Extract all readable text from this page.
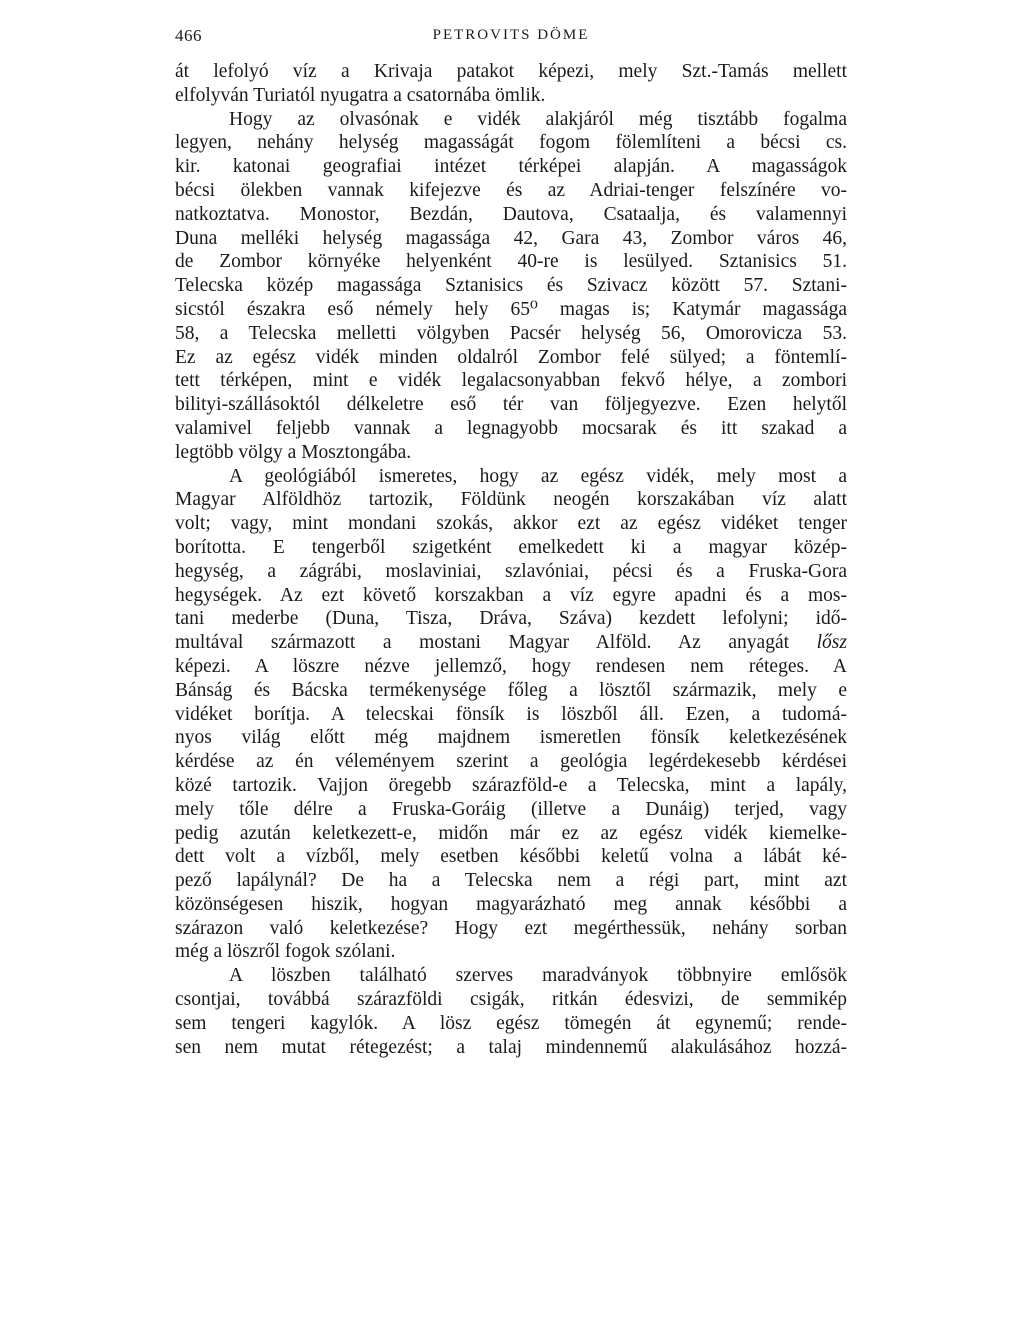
466	PETROVITS DÖME
át lefolyó víz a Krivaja patakot képezi, mely Szt.-Tamás mellett
elfolyván Turiatól nyugatra a csatornába ömlik.
Hogy az olvasónak e vidék alakjáról még tisztább fogalma
legyen, nehány helység magasságát fogom fölemlíteni a bécsi cs.
kir. katonai geografiai intézet térképei alapján. A magasságok
bécsi ölekben vannak kifejezve és az Adriai-tenger felszínére vo-
natkoztatva. Monostor, Bezdán, Dautova, Csataalja, és valamennyi
Duna melléki helység magassága 42, Gara 43, Zombor város 46,
de Zombor környéke helyenként 40-re is lesülyed. Sztanisics 51.
Telecska közép magassága Sztanisics és Szivacz között 57. Sztani-
sicstól északra eső némely hely 65⁰ magas is; Katymár magassága
58, a Telecska melletti völgyben Pacsér helység 56, Omorovicza 53.
Ez az egész vidék minden oldalról Zombor felé sülyed; a föntemlí-
tett térképen, mint e vidék legalacsonyabban fekvő hélye, a zombori
bilityi-szállásoktól délkeletre eső tér van följegyezve. Ezen helytől
valamivel feljebb vannak a legnagyobb mocsarak és itt szakad a
legtöbb völgy a Mosztongába.
A geológiából ismeretes, hogy az egész vidék, mely most a
Magyar Alföldhöz tartozik, Földünk neogén korszakában víz alatt
volt; vagy, mint mondani szokás, akkor ezt az egész vidéket tenger
borította. E tengerből szigetként emelkedett ki a magyar közép-
hegység, a zágrábi, moslaviniai, szlavóniai, pécsi és a Fruska-Gora
hegységek. Az ezt követő korszakban a víz egyre apadni és a mos-
tani mederbe (Duna, Tisza, Dráva, Száva) kezdett lefolyni; idő-
multával származott a mostani Magyar Alföld. Az anyagát lősz
képezi. A löszre nézve jellemző, hogy rendesen nem réteges. A
Bánság és Bácska termékenysége főleg a lösztől származik, mely e
vidéket borítja. A telecskai fönsík is löszből áll. Ezen, a tudomá-
nyos világ előtt még majdnem ismeretlen fönsík keletkezésének
kérdése az én véleményem szerint a geológia legérdekesebb kérdései
közé tartozik. Vajjon öregebb szárazföld-e a Telecska, mint a lapály,
mely tőle délre a Fruska-Goráig (illetve a Dunáig) terjed, vagy
pedig azután keletkezett-e, midőn már ez az egész vidék kiemelke-
dett volt a vízből, mely esetben későbbi keletű volna a lábát ké-
pező lapálynál? De ha a Telecska nem a régi part, mint azt
közönségesen hiszik, hogyan magyarázható meg annak későbbi a
szárazon való keletkezése? Hogy ezt megérthessük, nehány sorban
még a löszről fogok szólani.
A löszben található szerves maradványok többnyire emlősök
csontjai, továbbá szárazföldi csigák, ritkán édesvizi, de semmikép
sem tengeri kagylók. A lösz egész tömegén át egynemű; rende-
sen nem mutat rétegezést; a talaj mindennemű alakulásához hozzá-
